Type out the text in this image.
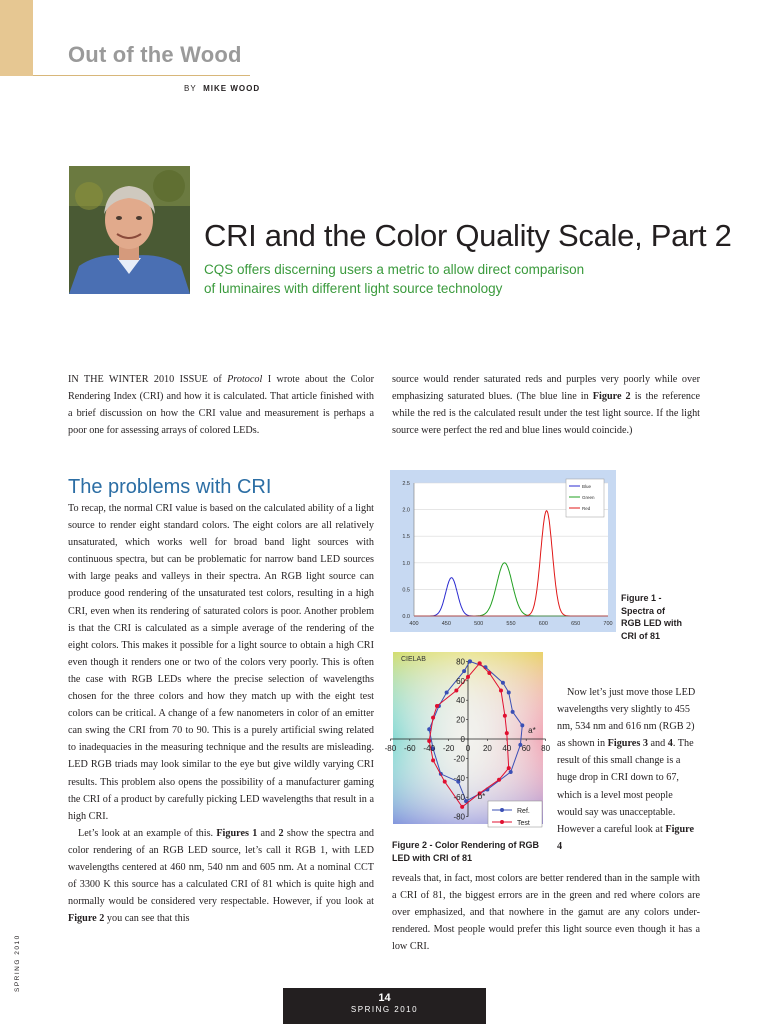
Out of the Wood
BY MIKE WOOD
CRI and the Color Quality Scale, Part 2
CQS offers discerning users a metric to allow direct comparison of luminaires with different light source technology

IN THE WINTER 2010 ISSUE of Protocol I wrote about the Color Rendering Index (CRI) and how it is calculated. That article finished with a brief discussion on how the CRI value and measurement is perhaps a poor one for assessing arrays of colored LEDs.

The problems with CRI

To recap, the normal CRI value is based on the calculated ability of a light source to render eight standard colors. The eight colors are all relatively unsaturated, which works well for broad band light sources with continuous spectra, but can be problematic for narrow band LED sources with large peaks and valleys in their spectra. An RGB light source can produce good rendering of the unsaturated test colors, resulting in a high CRI, even when its rendering of saturated colors is poor. Another problem is that the CRI is calculated as a simple average of the rendering of the eight colors. This makes it possible for a light source to obtain a high CRI even though it renders one or two of the colors very poorly. This is often the case with RGB LEDs where the precise selection of wavelengths chosen for the three colors and how they match up with the eight test colors can be critical. A change of a few nanometers in color of an emitter can swing the CRI from 70 to 90. This is a purely artificial swing related to inadequacies in the measuring technique and the results are misleading. LED RGB triads may look similar to the eye but give wildly varying CRI results. This problem also opens the possibility of a manufacturer gaming the CRI of a product by carefully picking LED wavelengths that result in a high CRI.

Let’s look at an example of this. Figures 1 and 2 show the spectra and color rendering of an RGB LED source, let’s call it RGB 1, with LED wavelengths centered at 460 nm, 540 nm and 605 nm. At a nominal CCT of 3300 K this source has a calculated CRI of 81 which is quite high and normally would be considered very respectable. However, if you look at Figure 2 you can see that this

source would render saturated reds and purples very poorly while over emphasizing saturated blues. (The blue line in Figure 2 is the reference while the red is the calculated result under the test light source. If the light source were perfect the red and blue lines would coincide.)

0.0
0.5
1.0
1.5
2.0
2.5
400	450	500	550	600	650	700
Blue
Green
Red
Figure 1 - Spectra of RGB LED with CRI of 81
-80
-60
-40
-20
0
20
40
60
80
-80 -60 -40 -20 0 20 40 60 80
CIELAB
a*
b*
Ref.
Test
Figure 2 - Color Rendering of RGB LED with CRI of 81

Now let’s just move those LED wavelengths very slightly to 455 nm, 534 nm and 616 nm (RGB 2) as shown in Figures 3 and 4. The result of this small change is a huge drop in CRI down to 67, which is a level most people would say was unacceptable. However a careful look at Figure 4

reveals that, in fact, most colors are better rendered than in the sample with a CRI of 81, the biggest errors are in the green and red where colors are over emphasized, and that nowhere in the gamut are any colors under-rendered. Most people would prefer this light source even though it has a low CRI.

SPRING 2010
14
SPRING 2010
